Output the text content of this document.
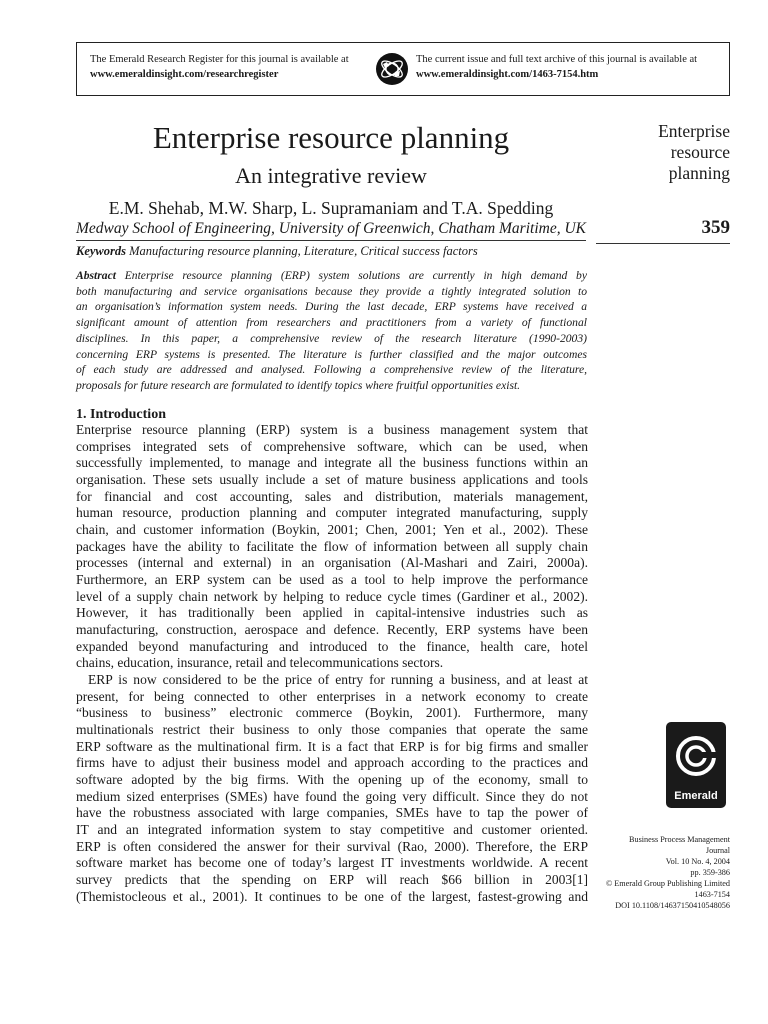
The Emerald Research Register for this journal is available at
www.emeraldinsight.com/researchregister
The current issue and full text archive of this journal is available at
www.emeraldinsight.com/1463-7154.htm
Enterprise resource planning
An integrative review
E.M. Shehab, M.W. Sharp, L. Supramaniam and T.A. Spedding
Medway School of Engineering, University of Greenwich, Chatham Maritime, UK
Keywords Manufacturing resource planning, Literature, Critical success factors
Abstract Enterprise resource planning (ERP) system solutions are currently in high demand by
both manufacturing and service organisations because they provide a tightly integrated solution to
an organisation’s information system needs. During the last decade, ERP systems have received a
significant amount of attention from researchers and practitioners from a variety of functional
disciplines. In this paper, a comprehensive review of the research literature (1990-2003)
concerning ERP systems is presented. The literature is further classified and the major outcomes
of each study are addressed and analysed. Following a comprehensive review of the literature,
proposals for future research are formulated to identify topics where fruitful opportunities exist.
1. Introduction
Enterprise resource planning (ERP) system is a business management system that
comprises integrated sets of comprehensive software, which can be used, when
successfully implemented, to manage and integrate all the business functions within an
organisation. These sets usually include a set of mature business applications and tools
for financial and cost accounting, sales and distribution, materials management,
human resource, production planning and computer integrated manufacturing, supply
chain, and customer information (Boykin, 2001; Chen, 2001; Yen et al., 2002). These
packages have the ability to facilitate the flow of information between all supply chain
processes (internal and external) in an organisation (Al-Mashari and Zairi, 2000a).
Furthermore, an ERP system can be used as a tool to help improve the performance
level of a supply chain network by helping to reduce cycle times (Gardiner et al., 2002).
However, it has traditionally been applied in capital-intensive industries such as
manufacturing, construction, aerospace and defence. Recently, ERP systems have been
expanded beyond manufacturing and introduced to the finance, health care, hotel
chains, education, insurance, retail and telecommunications sectors.
ERP is now considered to be the price of entry for running a business, and at least at
present, for being connected to other enterprises in a network economy to create
“business to business” electronic commerce (Boykin, 2001). Furthermore, many
multinationals restrict their business to only those companies that operate the same
ERP software as the multinational firm. It is a fact that ERP is for big firms and smaller
firms have to adjust their business model and approach according to the practices and
software adopted by the big firms. With the opening up of the economy, small to
medium sized enterprises (SMEs) have found the going very difficult. Since they do not
have the robustness associated with large companies, SMEs have to tap the power of
IT and an integrated information system to stay competitive and customer oriented.
ERP is often considered the answer for their survival (Rao, 2000). Therefore, the ERP
software market has become one of today’s largest IT investments worldwide. A recent
survey predicts that the spending on ERP will reach $66 billion in 2003[1]
(Themistocleous et al., 2001). It continues to be one of the largest, fastest-growing and
Enterprise
resource
planning
359
Emerald
Business Process Management
Journal
Vol. 10 No. 4, 2004
pp. 359-386
© Emerald Group Publishing Limited
1463-7154
DOI 10.1108/14637150410548056
